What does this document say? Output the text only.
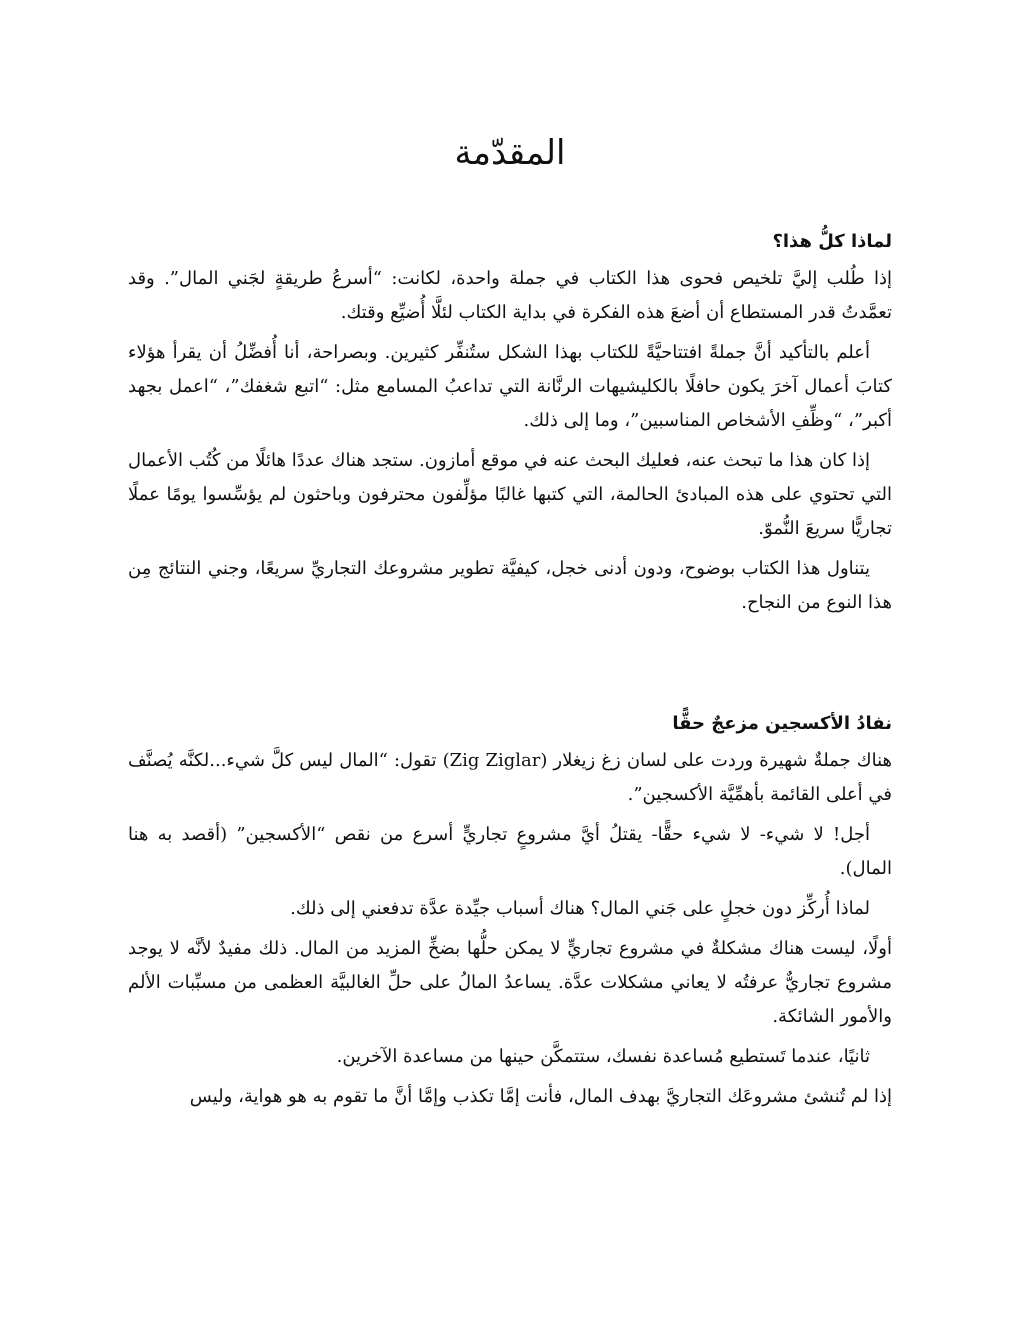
المقدّمة
لماذا كلُّ هذا؟

إذا طُلب إليَّ تلخيص فحوى هذا الكتاب في جملة واحدة، لكانت: “أسرعُ طريقةٍ لجَني المال”. وقد تعمَّدتُ قدر المستطاع أن أضعَ هذه الفكرة في بداية الكتاب لئلَّا أُضيِّع وقتك.

أعلم بالتأكيد أنَّ جملةً افتتاحيَّةً للكتاب بهذا الشكل ستُنفِّر كثيرين. وبصراحة، أنا أُفضِّلُ أن يقرأ هؤلاء كتابَ أعمال آخرَ يكون حافلًا بالكليشيهات الرنَّانة التي تداعبُ المسامع مثل: “اتبع شغفك”، “اعمل بجهد أكبر”، “وظِّفِ الأشخاص المناسبين”، وما إلى ذلك.

إذا كان هذا ما تبحث عنه، فعليك البحث عنه في موقع أمازون. ستجد هناك عددًا هائلًا من كُتُب الأعمال التي تحتوي على هذه المبادئ الحالمة، التي كتبها غالبًا مؤلِّفون محترفون وباحثون لم يؤسِّسوا يومًا عملًا تجاريًّا سريعَ النُّموّ.

يتناول هذا الكتاب بوضوح، ودون أدنى خجل، كيفيَّة تطوير مشروعك التجاريِّ سريعًا، وجني النتائج مِن هذا النوع من النجاح.

نفادُ الأكسجين مزعجٌ حقًّا

هناك جملةٌ شهيرة وردت على لسان زغ زيغلار (Zig Ziglar) تقول: “المال ليس كلَّ شيء...لكنَّه يُصنَّف في أعلى القائمة بأهمِّيَّة الأكسجين”.

أجل! لا شيء- لا شيء حقًّا- يقتلُ أيَّ مشروعٍ تجاريٍّ أسرع من نقص “الأكسجين” (أقصد به هنا المال).

لماذا أُركِّز دون خجلٍ على جَني المال؟ هناك أسباب جيِّدة عدَّة تدفعني إلى ذلك.

أولًا، ليست هناك مشكلةٌ في مشروع تجاريٍّ لا يمكن حلُّها بضخِّ المزيد من المال. ذلك مفيدٌ لأنَّه لا يوجد مشروع تجاريٌّ عرفتُه لا يعاني مشكلات عدَّة. يساعدُ المالُ على حلِّ الغالبيَّة العظمى من مسبِّبات الألم والأمور الشائكة.

ثانيًا، عندما تَستطيع مُساعدة نفسك، ستتمكَّن حينها من مساعدة الآخرين.

إذا لم تُنشئ مشروعَك التجاريَّ بهدف المال، فأنت إمَّا تكذب وإمَّا أنَّ ما تقوم به هو هواية، وليس
